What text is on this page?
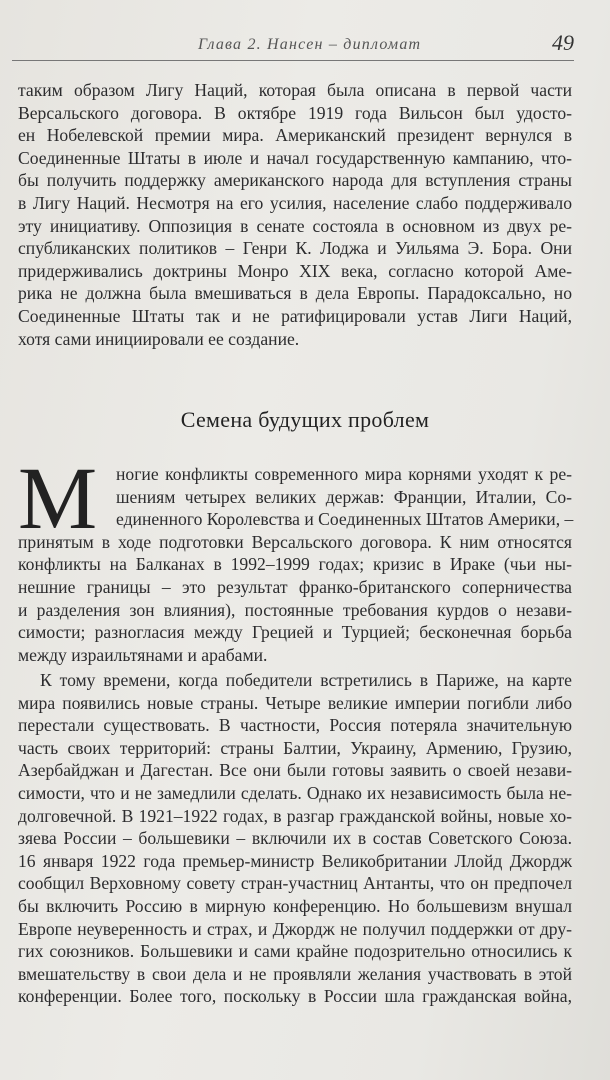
Глава 2. Нансен – дипломат	49
таким образом Лигу Наций, которая была описана в первой части
Версальского договора. В октябре 1919 года Вильсон был удосто-
ен Нобелевской премии мира. Американский президент вернулся в
Соединенные Штаты в июле и начал государственную кампанию, что-
бы получить поддержку американского народа для вступления страны
в Лигу Наций. Несмотря на его усилия, население слабо поддерживало
эту инициативу. Оппозиция в сенате состояла в основном из двух ре-
спубликанских политиков – Генри К. Лоджа и Уильяма Э. Бора. Они
придерживались доктрины Монро XIX века, согласно которой Аме-
рика не должна была вмешиваться в дела Европы. Парадоксально, но
Соединенные Штаты так и не ратифицировали устав Лиги Наций,
хотя сами инициировали ее создание.
Семена будущих проблем
М	ногие конфликты современного мира корнями уходят к ре-
шениям четырех великих держав: Франции, Италии, Со-
единенного Королевства и Соединенных Штатов Америки, –
принятым в ходе подготовки Версальского договора. К ним относятся
конфликты на Балканах в 1992–1999 годах; кризис в Ираке (чьи ны-
нешние границы – это результат франко-британского соперничества
и разделения зон влияния), постоянные требования курдов о незави-
симости; разногласия между Грецией и Турцией; бесконечная борьба
между израильтянами и арабами.
К тому времени, когда победители встретились в Париже, на карте
мира появились новые страны. Четыре великие империи погибли либо
перестали существовать. В частности, Россия потеряла значительную
часть своих территорий: страны Балтии, Украину, Армению, Грузию,
Азербайджан и Дагестан. Все они были готовы заявить о своей незави-
симости, что и не замедлили сделать. Однако их независимость была не-
долговечной. В 1921–1922 годах, в разгар гражданской войны, новые хо-
зяева России – большевики – включили их в состав Советского Союза.
16 января 1922 года премьер-министр Великобритании Ллойд Джордж
сообщил Верховному совету стран-участниц Антанты, что он предпочел
бы включить Россию в мирную конференцию. Но большевизм внушал
Европе неуверенность и страх, и Джордж не получил поддержки от дру-
гих союзников. Большевики и сами крайне подозрительно относились к
вмешательству в свои дела и не проявляли желания участвовать в этой
конференции. Более того, поскольку в России шла гражданская война,
